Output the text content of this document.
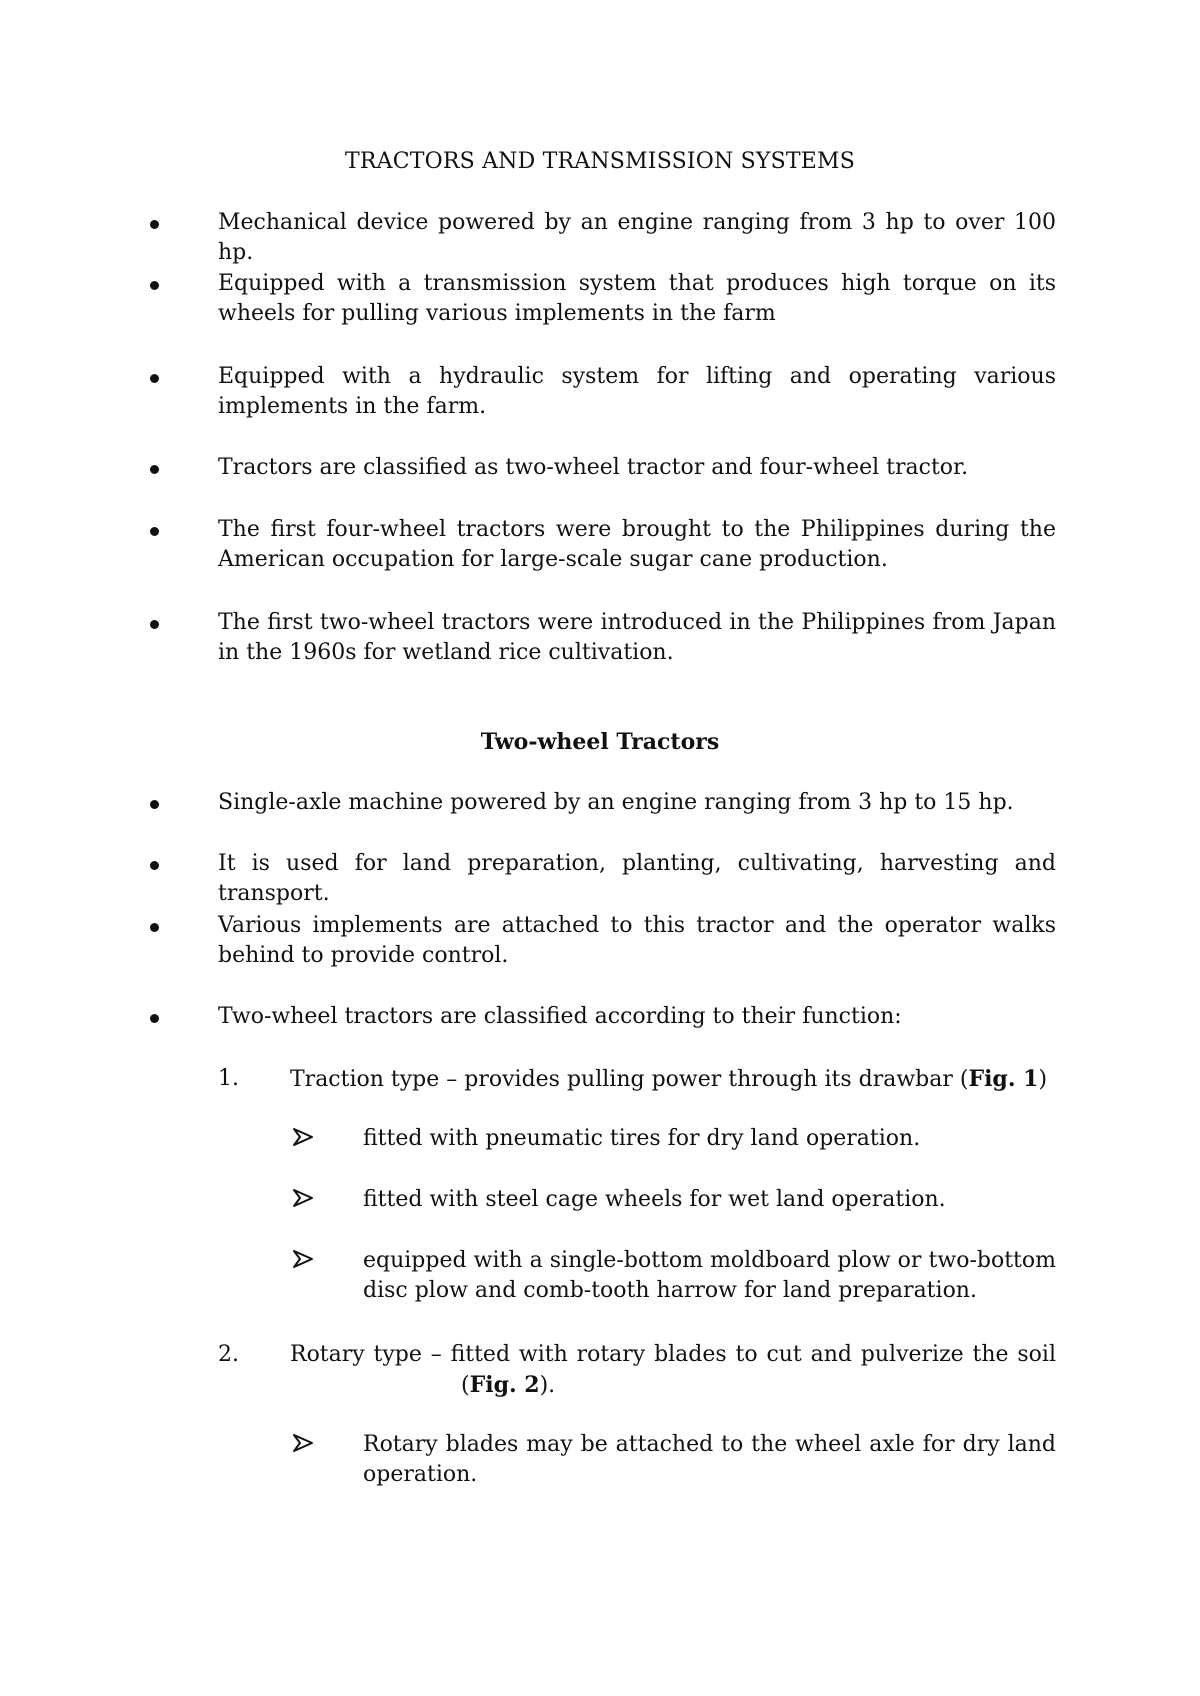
TRACTORS AND TRANSMISSION SYSTEMS
Mechanical device powered by an engine ranging from 3 hp to over 100 hp.
Equipped with a transmission system that produces high torque on its wheels for pulling various implements in the farm
Equipped with a hydraulic system for lifting and operating various implements in the farm.
Tractors are classified as two-wheel tractor and four-wheel tractor.
The first four-wheel tractors were brought to the Philippines during the American occupation for large-scale sugar cane production.
The first two-wheel tractors were introduced in the Philippines from Japan in the 1960s for wetland rice cultivation.
Two-wheel Tractors
Single-axle machine powered by an engine ranging from 3 hp to 15 hp.
It is used for land preparation, planting, cultivating, harvesting and transport.
Various implements are attached to this tractor and the operator walks behind to provide control.
Two-wheel tractors are classified according to their function:
1.	Traction type – provides pulling power through its drawbar (Fig. 1)
fitted with pneumatic tires for dry land operation.
fitted with steel cage wheels for wet land operation.
equipped with a single-bottom moldboard plow or two-bottom disc plow and comb-tooth harrow for land preparation.
2.	Rotary type – fitted with rotary blades to cut and pulverize the soil
(Fig. 2).
Rotary blades may be attached to the wheel axle for dry land operation.
